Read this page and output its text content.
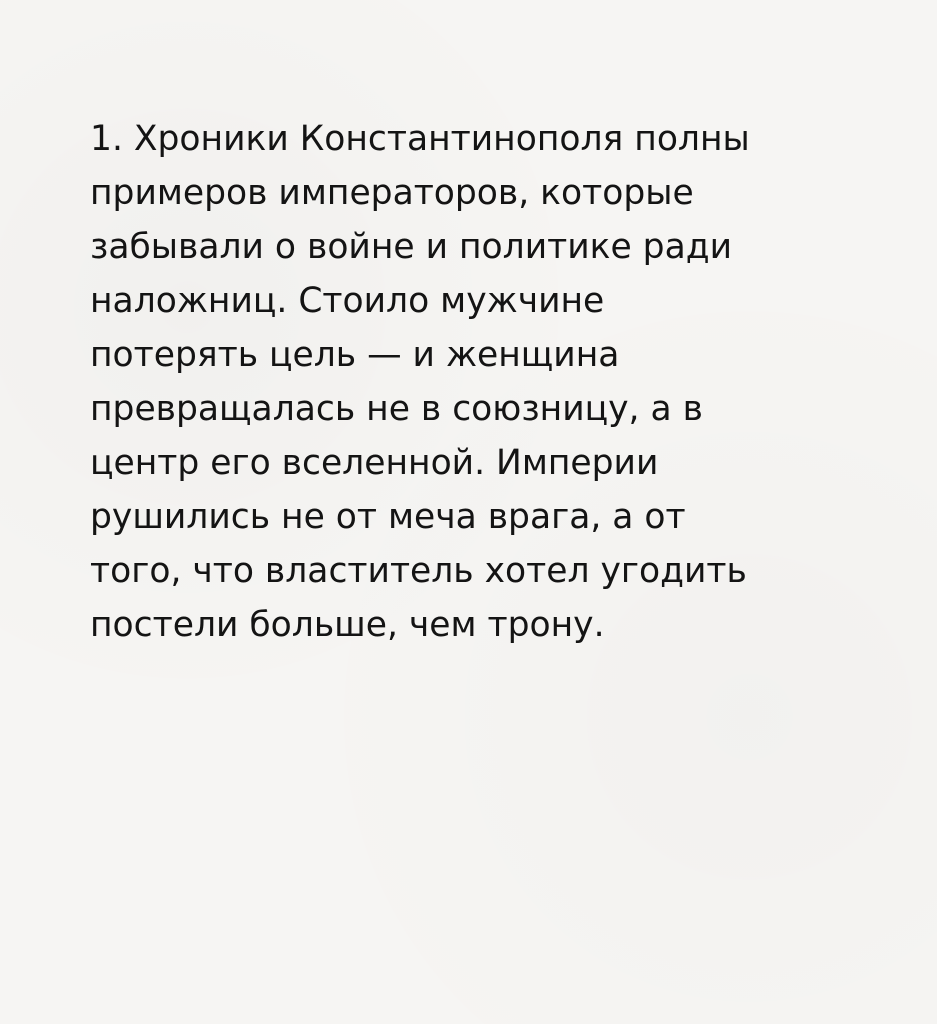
1. Хроники Константинополя полны
примеров императоров, которые
забывали о войне и политике ради
наложниц. Стоило мужчине
потерять цель — и женщина
превращалась не в союзницу, а в
центр его вселенной. Империи
рушились не от меча врага, а от
того, что властитель хотел угодить
постели больше, чем трону.
